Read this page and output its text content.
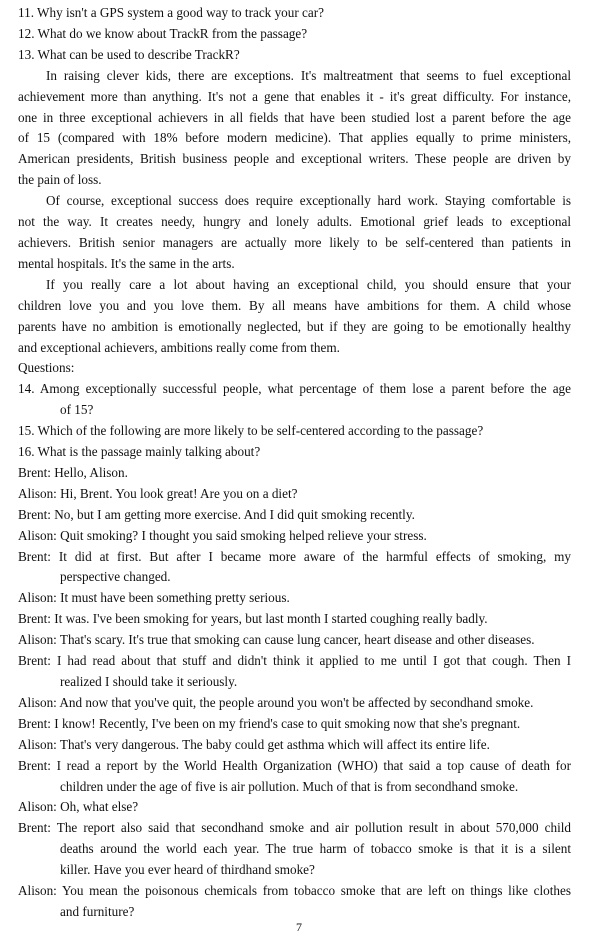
11. Why isn't a GPS system a good way to track your car?
12. What do we know about TrackR from the passage?
13. What can be used to describe TrackR?
In raising clever kids, there are exceptions. It's maltreatment that seems to fuel exceptional
achievement more than anything. It's not a gene that enables it - it's great difficulty. For instance,
one in three exceptional achievers in all fields that have been studied lost a parent before the age
of 15 (compared with 18% before modern medicine). That applies equally to prime ministers,
American presidents, British business people and exceptional writers. These people are driven by
the pain of loss.
Of course, exceptional success does require exceptionally hard work. Staying comfortable is
not the way. It creates needy, hungry and lonely adults. Emotional grief leads to exceptional
achievers. British senior managers are actually more likely to be self-centered than patients in
mental hospitals. It's the same in the arts.
If you really care a lot about having an exceptional child, you should ensure that your
children love you and you love them. By all means have ambitions for them. A child whose
parents have no ambition is emotionally neglected, but if they are going to be emotionally healthy
and exceptional achievers, ambitions really come from them.
Questions:
14. Among exceptionally successful people, what percentage of them lose a parent before the age
of 15?
15. Which of the following are more likely to be self-centered according to the passage?
16. What is the passage mainly talking about?
Brent: Hello, Alison.
Alison: Hi, Brent. You look great! Are you on a diet?
Brent: No, but I am getting more exercise. And I did quit smoking recently.
Alison: Quit smoking? I thought you said smoking helped relieve your stress.
Brent: It did at first. But after I became more aware of the harmful effects of smoking, my
perspective changed.
Alison: It must have been something pretty serious.
Brent: It was. I've been smoking for years, but last month I started coughing really badly.
Alison: That's scary. It's true that smoking can cause lung cancer, heart disease and other diseases.
Brent: I had read about that stuff and didn't think it applied to me until I got that cough. Then I
realized I should take it seriously.
Alison: And now that you've quit, the people around you won't be affected by secondhand smoke.
Brent: I know! Recently, I've been on my friend's case to quit smoking now that she's pregnant.
Alison: That's very dangerous. The baby could get asthma which will affect its entire life.
Brent: I read a report by the World Health Organization (WHO) that said a top cause of death for
children under the age of five is air pollution. Much of that is from secondhand smoke.
Alison: Oh, what else?
Brent: The report also said that secondhand smoke and air pollution result in about 570,000 child
deaths around the world each year. The true harm of tobacco smoke is that it is a silent
killer. Have you ever heard of thirdhand smoke?
Alison: You mean the poisonous chemicals from tobacco smoke that are left on things like clothes
and furniture?
7
